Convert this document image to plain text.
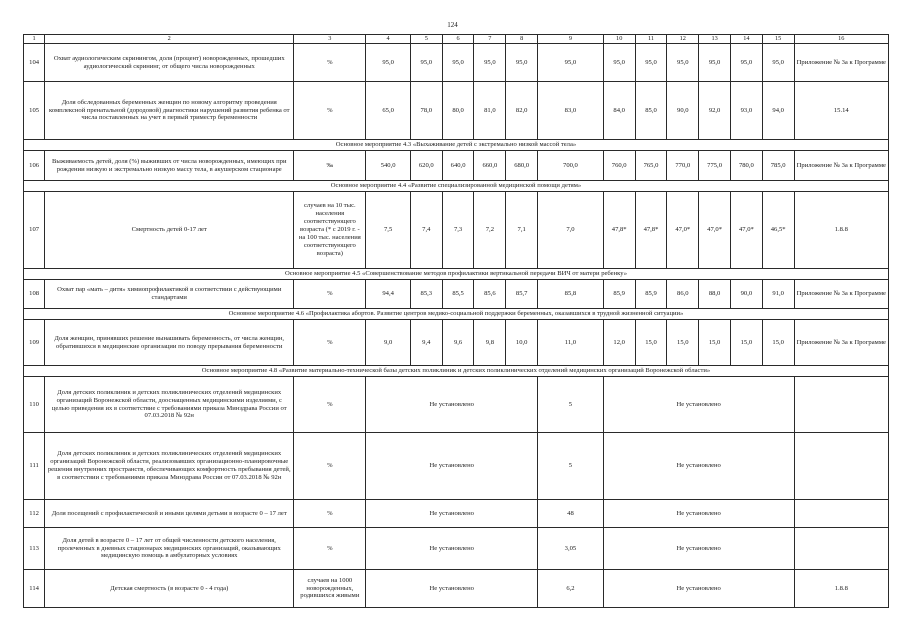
124
1	2	3	4	5	6	7	8	9	10	11	12	13	14	15	16
104	Охват аудиологическим скринингом, доля (процент) новорожденных, прошедших аудиологический скрининг, от общего числа новорожденных	%	95,0	95,0	95,0	95,0	95,0	95,0	95,0	95,0	95,0	95,0	95,0	95,0	Приложение № 3а к Программе
105	Доля обследованных беременных женщин по новому алгоритму проведения комплексной пренатальной (дородовой) диагностики нарушений развития ребенка от числа поставленных на учет в первый триместр беременности	%	65,0	78,0	80,0	81,0	82,0	83,0	84,0	85,0	90,0	92,0	93,0	94,0	15.14
Основное мероприятие 4.3 «Выхаживание детей с экстремально низкой массой тела»															
106	Выживаемость детей, доля (%) выживших от числа новорожденных, имеющих при рождении низкую и экстремально низкую массу тела, в акушерском стационаре	‰	540,0	620,0	640,0	660,0	680,0	700,0	760,0	765,0	770,0	775,0	780,0	785,0	Приложение № 3а к Программе
Основное мероприятие 4.4 «Развитие специализированной медицинской помощи детям»															
107	Смертность детей 0-17 лет	случаев на 10 тыс. населения соответствующего возраста (* с 2019 г. - на 100 тыс. населения соответствующего возраста)	7,5	7,4	7,3	7,2	7,1	7,0	47,8*	47,8*	47,0*	47,0*	47,0*	46,5*	1.8.8
Основное мероприятие 4.5 «Совершенствование методов профилактики вертикальной передачи ВИЧ от матери ребенку»															
108	Охват пар «мать – дитя» химиопрофилактикой в соответствии с действующими стандартами	%	94,4	85,3	85,5	85,6	85,7	85,8	85,9	85,9	86,0	88,0	90,0	91,0	Приложение № 3а к Программе
Основное мероприятие 4.6 «Профилактика абортов. Развитие центров медико-социальной поддержки беременных, оказавшихся в трудной жизненной ситуации»															
109	Доля женщин, принявших решение вынашивать беременность, от числа женщин, обратившихся в медицинские организации по поводу прерывания беременности	%	9,0	9,4	9,6	9,8	10,0	11,0	12,0	15,0	15,0	15,0	15,0	15,0	Приложение № 3а к Программе
Основное мероприятие 4.8 «Развитие материально-технической базы детских поликлиник и детских поликлинических отделений медицинских организаций Воронежской области»															
110	Доля детских поликлиник и детских поликлинических отделений медицинских организаций Воронежской области, дооснащенных медицинскими изделиями, с целью приведения их в соответствие с требованиями приказа Минздрава России от 07.03.2018 № 92н	%	Не установлено					5	Не установлено						
111	Доля детских поликлиник и детских поликлинических отделений медицинских организаций Воронежской области, реализовавших организационно-планировочные решения внутренних пространств, обеспечивающих комфортность пребывания детей, в соответствии с требованиями приказа Минздрава России от 07.03.2018 № 92н	%	Не установлено					5	Не установлено						
112	Доля посещений с профилактической и иными целями детьми в возрасте 0 – 17 лет	%	Не установлено					48	Не установлено						
113	Доля детей в возрасте 0 – 17 лет от общей численности детского населения, пролеченных в дневных стационарах медицинских организаций, оказывающих медицинскую помощь в амбулаторных условиях	%	Не установлено					3,05	Не установлено						
114	Детская смертность (в возрасте 0 - 4 года)	случаев на 1000 новорожденных, родившихся живыми	Не установлено					6,2	Не установлено						1.8.8
